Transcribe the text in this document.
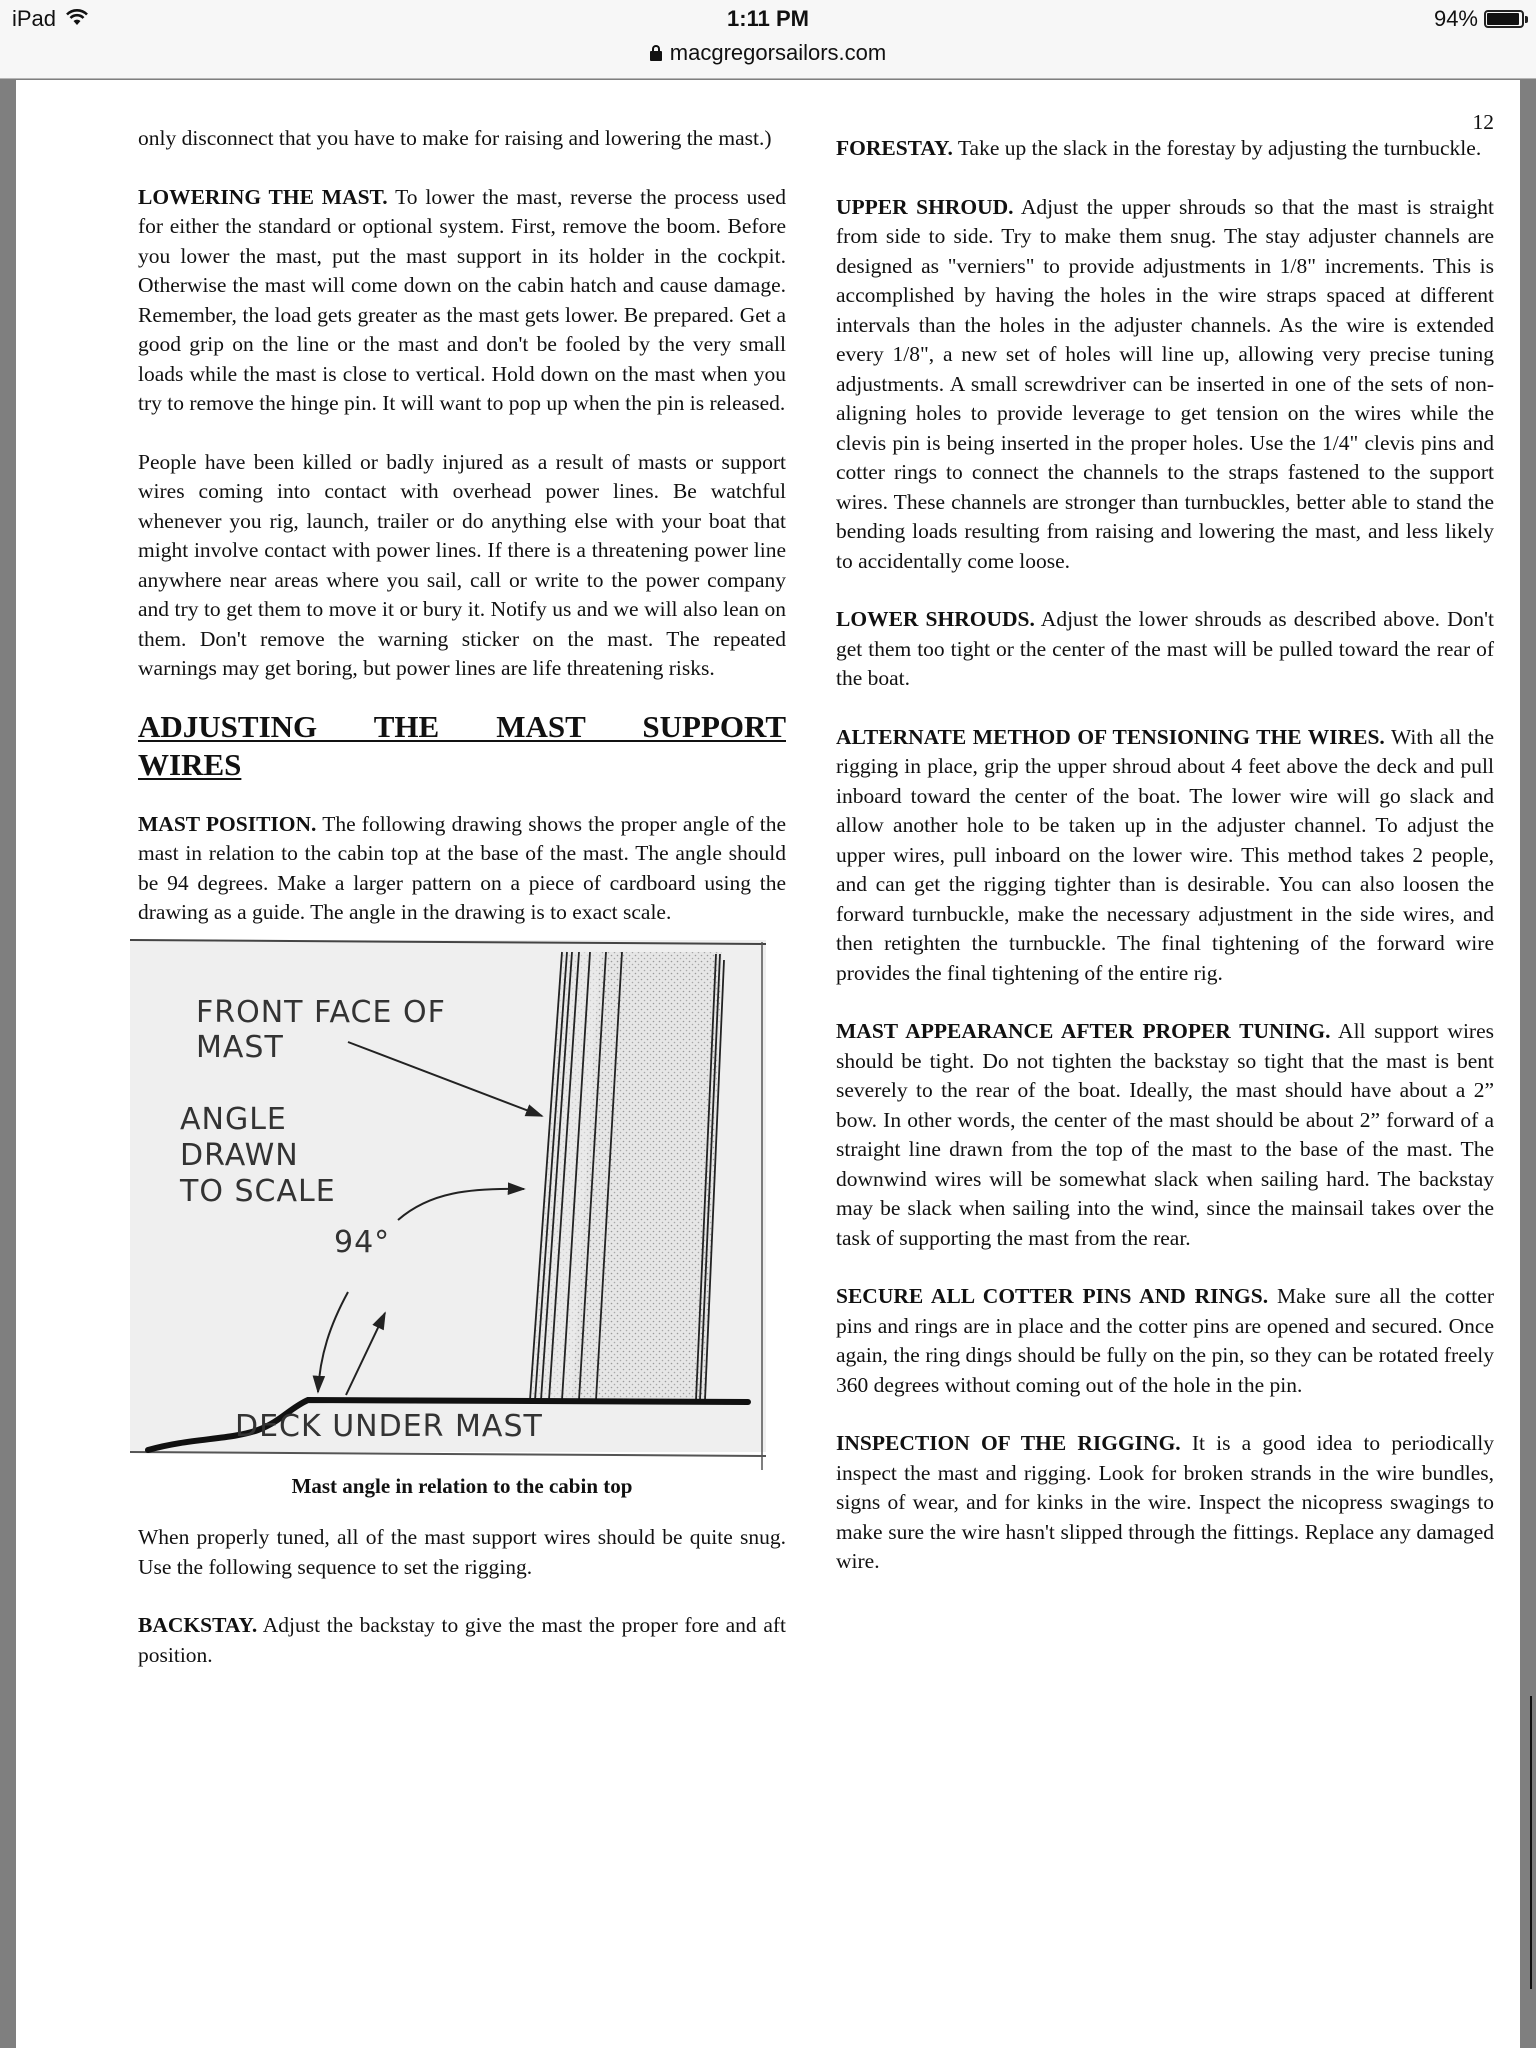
iPad	1:11 PM	94%
macgregorsailors.com

only disconnect that you have to make for raising and lowering the mast.)

LOWERING THE MAST. To lower the mast, reverse the process used for either the standard or optional system. First, remove the boom. Before you lower the mast, put the mast support in its holder in the cockpit. Otherwise the mast will come down on the cabin hatch and cause damage. Remember, the load gets greater as the mast gets lower. Be prepared. Get a good grip on the line or the mast and don't be fooled by the very small loads while the mast is close to vertical. Hold down on the mast when you try to remove the hinge pin. It will want to pop up when the pin is released.

People have been killed or badly injured as a result of masts or support wires coming into contact with overhead power lines. Be watchful whenever you rig, launch, trailer or do anything else with your boat that might involve contact with power lines. If there is a threatening power line anywhere near areas where you sail, call or write to the power company and try to get them to move it or bury it. Notify us and we will also lean on them. Don't remove the warning sticker on the mast. The repeated warnings may get boring, but power lines are life threatening risks.

ADJUSTING THE MAST SUPPORT WIRES

MAST POSITION. The following drawing shows the proper angle of the mast in relation to the cabin top at the base of the mast. The angle should be 94 degrees. Make a larger pattern on a piece of cardboard using the drawing as a guide. The angle in the drawing is to exact scale.

FRONT FACE OF
MAST
ANGLE
DRAWN
TO SCALE
94°
DECK UNDER MAST

Mast angle in relation to the cabin top

When properly tuned, all of the mast support wires should be quite snug. Use the following sequence to set the rigging.

BACKSTAY. Adjust the backstay to give the mast the proper fore and aft position.

12

FORESTAY. Take up the slack in the forestay by adjusting the turnbuckle.

UPPER SHROUD. Adjust the upper shrouds so that the mast is straight from side to side. Try to make them snug. The stay adjuster channels are designed as "verniers" to provide adjustments in 1/8" increments. This is accomplished by having the holes in the wire straps spaced at different intervals than the holes in the adjuster channels. As the wire is extended every 1/8", a new set of holes will line up, allowing very precise tuning adjustments. A small screwdriver can be inserted in one of the sets of non-aligning holes to provide leverage to get tension on the wires while the clevis pin is being inserted in the proper holes. Use the 1/4" clevis pins and cotter rings to connect the channels to the straps fastened to the support wires. These channels are stronger than turnbuckles, better able to stand the bending loads resulting from raising and lowering the mast, and less likely to accidentally come loose.

LOWER SHROUDS. Adjust the lower shrouds as described above. Don't get them too tight or the center of the mast will be pulled toward the rear of the boat.

ALTERNATE METHOD OF TENSIONING THE WIRES. With all the rigging in place, grip the upper shroud about 4 feet above the deck and pull inboard toward the center of the boat. The lower wire will go slack and allow another hole to be taken up in the adjuster channel. To adjust the upper wires, pull inboard on the lower wire. This method takes 2 people, and can get the rigging tighter than is desirable. You can also loosen the forward turnbuckle, make the necessary adjustment in the side wires, and then retighten the turnbuckle. The final tightening of the forward wire provides the final tightening of the entire rig.

MAST APPEARANCE AFTER PROPER TUNING. All support wires should be tight. Do not tighten the backstay so tight that the mast is bent severely to the rear of the boat. Ideally, the mast should have about a 2” bow. In other words, the center of the mast should be about 2” forward of a straight line drawn from the top of the mast to the base of the mast. The downwind wires will be somewhat slack when sailing hard. The backstay may be slack when sailing into the wind, since the mainsail takes over the task of supporting the mast from the rear.

SECURE ALL COTTER PINS AND RINGS. Make sure all the cotter pins and rings are in place and the cotter pins are opened and secured. Once again, the ring dings should be fully on the pin, so they can be rotated freely 360 degrees without coming out of the hole in the pin.

INSPECTION OF THE RIGGING. It is a good idea to periodically inspect the mast and rigging. Look for broken strands in the wire bundles, signs of wear, and for kinks in the wire. Inspect the nicopress swagings to make sure the wire hasn't slipped through the fittings. Replace any damaged wire.
